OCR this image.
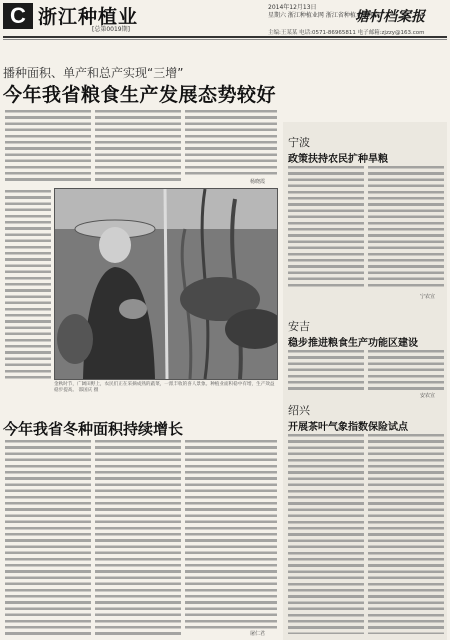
C 浙江种植业
[总第0019期]
2014年12月13日
星期六 浙江种植业网 浙江省种植业管理局
塘村档案报
主编:王某某 电话:0571-86965811 电子邮箱:zjzzy@163.com
播种面积、单产和总产实现“三增”
今年我省粮食生产发展态势较好
杨晓霞
金秋时节，广阔田野上，农民们正在采摘成熟的蔬菜，一派丰收的喜人景象。种植业面积稳中有增，生产效益稳步提高。 邵国庆 摄
今年我省冬种面积持续增长
屠仁君
宁波
政策扶持农民扩种旱粮
宁农宣
安吉
稳步推进粮食生产功能区建设
安农宣
绍兴
开展茶叶气象指数保险试点
